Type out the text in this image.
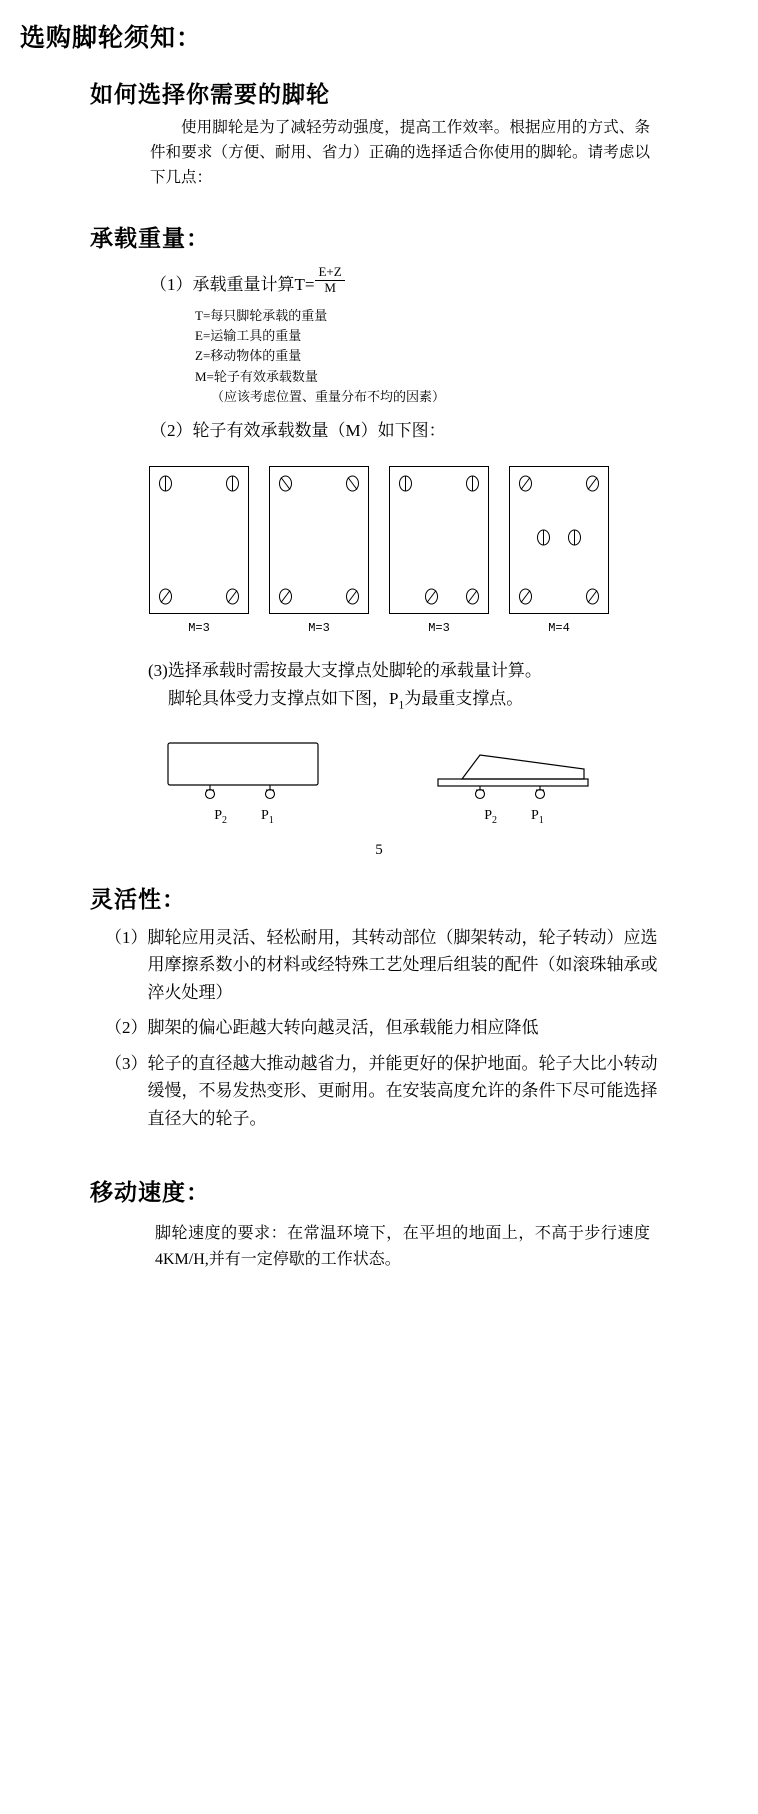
选购脚轮须知：
如何选择你需要的脚轮

使用脚轮是为了减轻劳动强度，提高工作效率。根据应用的方式、条件和要求（方便、耐用、省力）正确的选择适合你使用的脚轮。请考虑以下几点：

承载重量：
（1） 承载重量计算$T= \frac{E+Z}{M}$
T=每只脚轮承载的重量
E=运输工具的重量
Z=移动物体的重量
M=轮子有效承载数量
（应该考虑位置、重量分布不均的因素）
（2） 轮子有效承载数量（M）如下图：
M=3	M=3	M=3	M=4
(3)选择承载时需按最大支撑点处脚轮的承载量计算。
脚轮具体受力支撑点如下图，$P_1$为最重支撑点。
$P_2$ $P_1$	$P_2$ $P_1$
5
灵活性：
（1） 脚轮应用灵活、轻松耐用，其转动部位（脚架转动，轮子转动）应选用摩擦系数小的材料或经特殊工艺处理后组装的配件（如滚珠轴承或淬火处理）
（2） 脚架的偏心距越大转向越灵活，但承载能力相应降低
（3） 轮子的直径越大推动越省力，并能更好的保护地面。轮子大比小转动缓慢，不易发热变形、更耐用。在安装高度允许的条件下尽可能选择直径大的轮子。
移动速度：

脚轮速度的要求：在常温环境下，在平坦的地面上，不高于步行速度4KM/H,并有一定停歇的工作状态。
